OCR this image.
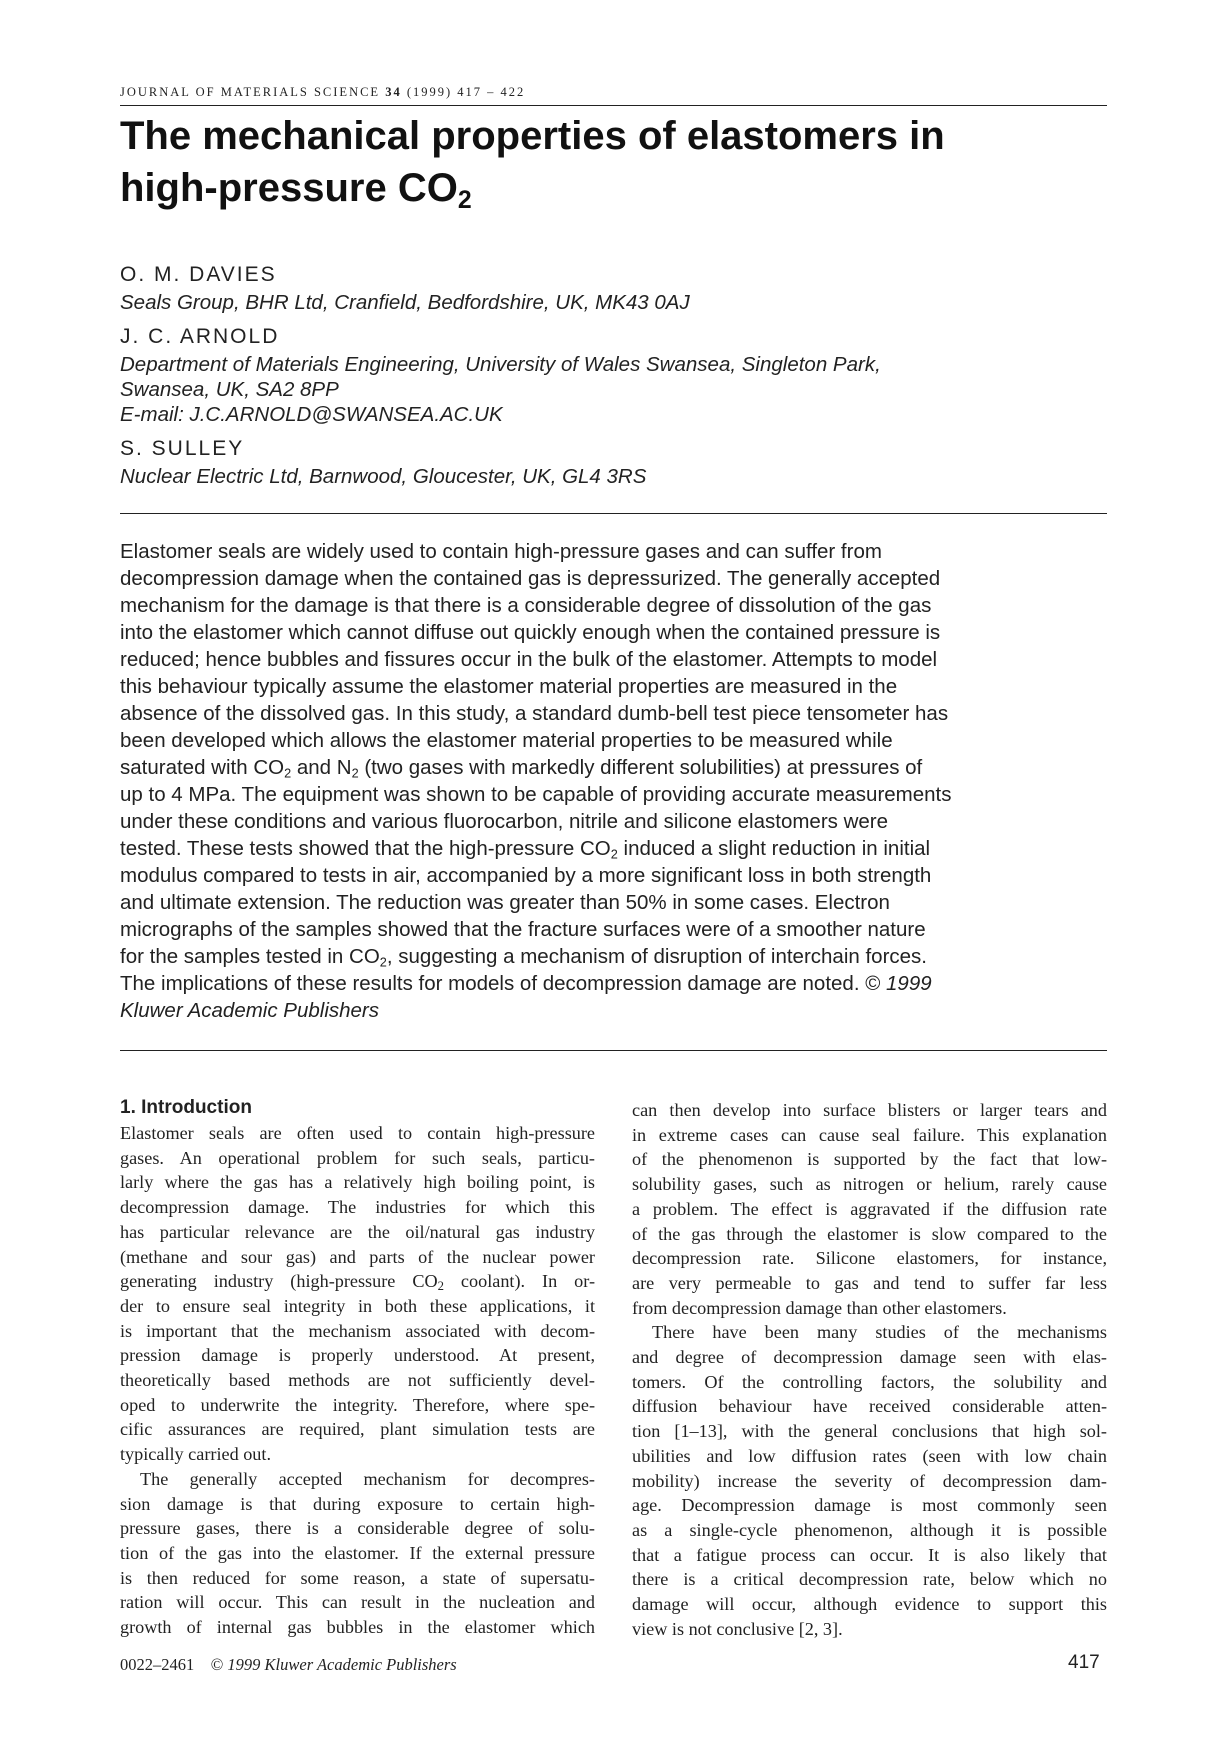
JOURNAL OF MATERIALS SCIENCE 34 (1999) 417 – 422
The mechanical properties of elastomers in
high-pressure $CO_2$
O. M. DAVIES
Seals Group, BHR Ltd, Cranfield, Bedfordshire, UK, MK43 0AJ
J. C. ARNOLD
Department of Materials Engineering, University of Wales Swansea, Singleton Park,
Swansea, UK, SA2 8PP
E-mail: J.C.ARNOLD@SWANSEA.AC.UK
S. SULLEY
Nuclear Electric Ltd, Barnwood, Gloucester, UK, GL4 3RS
Elastomer seals are widely used to contain high-pressure gases and can suffer from
decompression damage when the contained gas is depressurized. The generally accepted
mechanism for the damage is that there is a considerable degree of dissolution of the gas
into the elastomer which cannot diffuse out quickly enough when the contained pressure is
reduced; hence bubbles and fissures occur in the bulk of the elastomer. Attempts to model
this behaviour typically assume the elastomer material properties are measured in the
absence of the dissolved gas. In this study, a standard dumb-bell test piece tensometer has
been developed which allows the elastomer material properties to be measured while
saturated with $CO_2$ and $N_2$ (two gases with markedly different solubilities) at pressures of
up to 4 MPa. The equipment was shown to be capable of providing accurate measurements
under these conditions and various fluorocarbon, nitrile and silicone elastomers were
tested. These tests showed that the high-pressure $CO_2$ induced a slight reduction in initial
modulus compared to tests in air, accompanied by a more significant loss in both strength
and ultimate extension. The reduction was greater than 50% in some cases. Electron
micrographs of the samples showed that the fracture surfaces were of a smoother nature
for the samples tested in $CO_2$, suggesting a mechanism of disruption of interchain forces.
The implications of these results for models of decompression damage are noted. © 1999
Kluwer Academic Publishers
1. Introduction
Elastomer seals are often used to contain high-pressure
gases. An operational problem for such seals, particu-
larly where the gas has a relatively high boiling point, is
decompression damage. The industries for which this
has particular relevance are the oil/natural gas industry
(methane and sour gas) and parts of the nuclear power
generating industry (high-pressure $CO_2$ coolant). In or-
der to ensure seal integrity in both these applications, it
is important that the mechanism associated with decom-
pression damage is properly understood. At present,
theoretically based methods are not sufficiently devel-
oped to underwrite the integrity. Therefore, where spe-
cific assurances are required, plant simulation tests are
typically carried out.
The generally accepted mechanism for decompres-
sion damage is that during exposure to certain high-
pressure gases, there is a considerable degree of solu-
tion of the gas into the elastomer. If the external pressure
is then reduced for some reason, a state of supersatu-
ration will occur. This can result in the nucleation and
growth of internal gas bubbles in the elastomer which
can then develop into surface blisters or larger tears and
in extreme cases can cause seal failure. This explanation
of the phenomenon is supported by the fact that low-
solubility gases, such as nitrogen or helium, rarely cause
a problem. The effect is aggravated if the diffusion rate
of the gas through the elastomer is slow compared to the
decompression rate. Silicone elastomers, for instance,
are very permeable to gas and tend to suffer far less
from decompression damage than other elastomers.
There have been many studies of the mechanisms
and degree of decompression damage seen with elas-
tomers. Of the controlling factors, the solubility and
diffusion behaviour have received considerable atten-
tion [1–13], with the general conclusions that high sol-
ubilities and low diffusion rates (seen with low chain
mobility) increase the severity of decompression dam-
age. Decompression damage is most commonly seen
as a single-cycle phenomenon, although it is possible
that a fatigue process can occur. It is also likely that
there is a critical decompression rate, below which no
damage will occur, although evidence to support this
view is not conclusive [2, 3].
0022–2461 © 1999 Kluwer Academic Publishers	417
